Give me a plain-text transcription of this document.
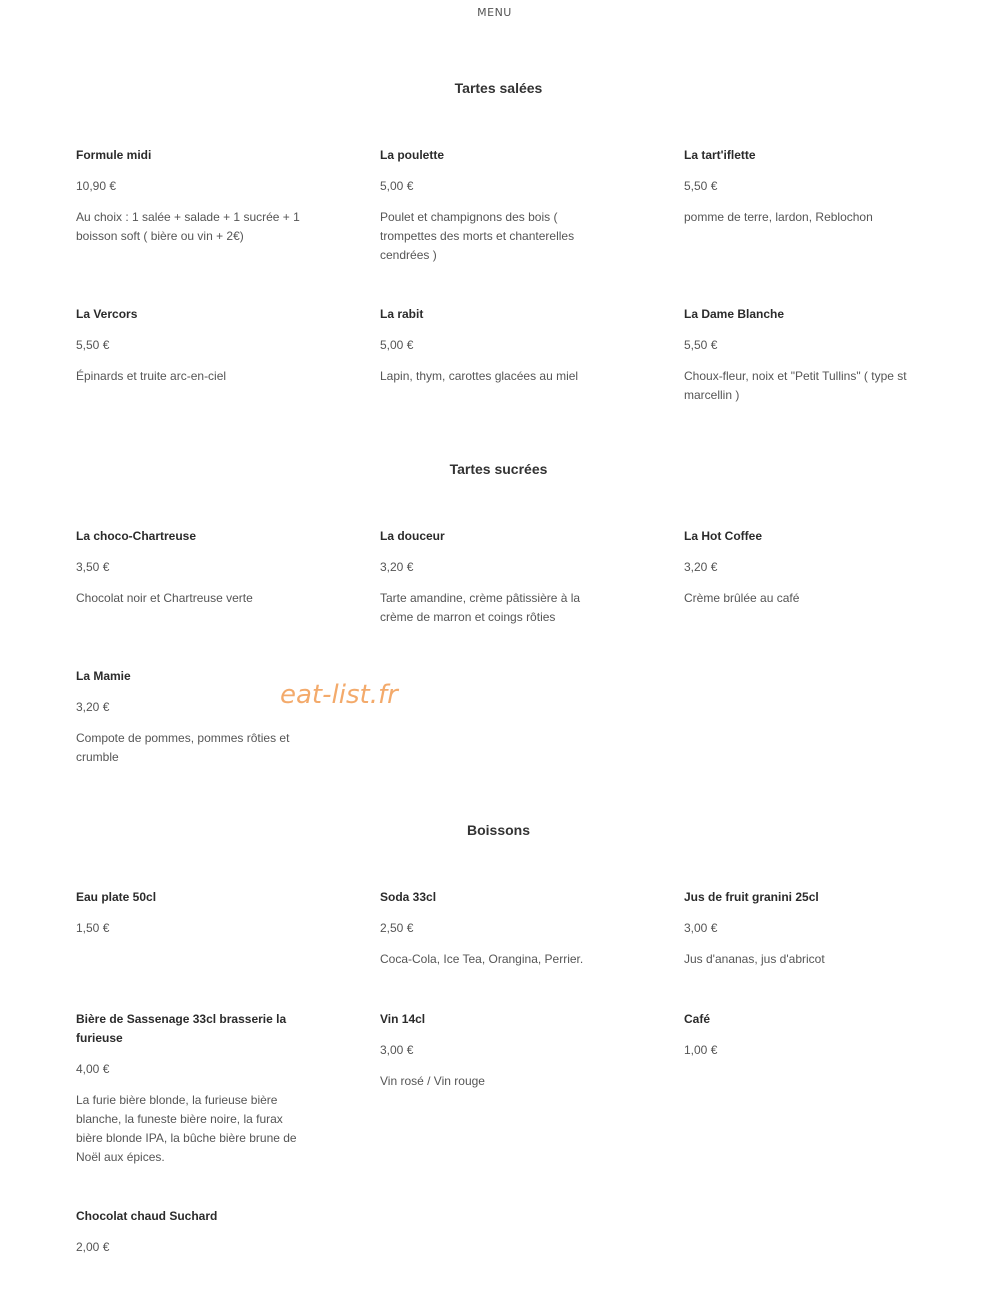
MENU
Tartes salées
Formule midi
10,90 €
Au choix : 1 salée + salade + 1 sucrée + 1 boisson soft ( bière ou vin + 2€)
La poulette
5,00 €
Poulet et champignons des bois ( trompettes des morts et chanterelles cendrées )
La tart'iflette
5,50 €
pomme de terre, lardon, Reblochon
La Vercors
5,50 €
Épinards et truite arc-en-ciel
La rabit
5,00 €
Lapin, thym, carottes glacées au miel
La Dame Blanche
5,50 €
Choux-fleur, noix et "Petit Tullins" ( type st marcellin )
Tartes sucrées
La choco-Chartreuse
3,50 €
Chocolat noir et Chartreuse verte
La douceur
3,20 €
Tarte amandine, crème pâtissière à la crème de marron et coings rôties
La Hot Coffee
3,20 €
Crème brûlée au café
La Mamie
3,20 €
Compote de pommes, pommes rôties et crumble
eat-list.fr
Boissons
Eau plate 50cl
1,50 €
Soda 33cl
2,50 €
Coca-Cola, Ice Tea, Orangina, Perrier.
Jus de fruit granini 25cl
3,00 €
Jus d'ananas, jus d'abricot
Bière de Sassenage 33cl brasserie la furieuse
4,00 €
La furie bière blonde, la furieuse bière blanche, la funeste bière noire, la furax bière blonde IPA, la bûche bière brune de Noël aux épices.
Vin 14cl
3,00 €
Vin rosé / Vin rouge
Café
1,00 €
Chocolat chaud Suchard
2,00 €
